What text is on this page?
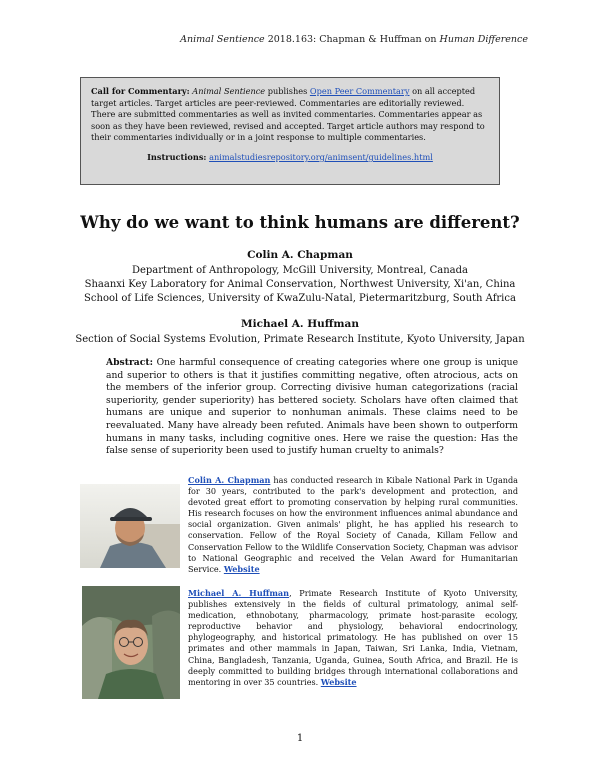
Animal Sentience 2018.163: Chapman & Huffman on Human Difference
Call for Commentary: Animal Sentience publishes Open Peer Commentary on all accepted target articles. Target articles are peer-reviewed. Commentaries are editorially reviewed. There are submitted commentaries as well as invited commentaries. Commentaries appear as soon as they have been reviewed, revised and accepted. Target article authors may respond to their commentaries individually or in a joint response to multiple commentaries.
Instructions: animalstudiesrepository.org/animsent/guidelines.html
Why do we want to think humans are different?
Colin A. Chapman
Department of Anthropology, McGill University, Montreal, Canada
Shaanxi Key Laboratory for Animal Conservation, Northwest University, Xi'an, China
School of Life Sciences, University of KwaZulu-Natal, Pietermaritzburg, South Africa
Michael A. Huffman
Section of Social Systems Evolution, Primate Research Institute, Kyoto University, Japan
Abstract: One harmful consequence of creating categories where one group is unique and superior to others is that it justifies committing negative, often atrocious, acts on the members of the inferior group. Correcting divisive human categorizations (racial superiority, gender superiority) has bettered society. Scholars have often claimed that humans are unique and superior to nonhuman animals. These claims need to be reevaluated. Many have already been refuted. Animals have been shown to outperform humans in many tasks, including cognitive ones. Here we raise the question: Has the false sense of superiority been used to justify human cruelty to animals?
Colin A. Chapman has conducted research in Kibale National Park in Uganda for 30 years, contributed to the park's development and protection, and devoted great effort to promoting conservation by helping rural communities. His research focuses on how the environment influences animal abundance and social organization. Given animals' plight, he has applied his research to conservation. Fellow of the Royal Society of Canada, Killam Fellow and Conservation Fellow to the Wildlife Conservation Society, Chapman was advisor to National Geographic and received the Velan Award for Humanitarian Service. Website
Michael A. Huffman, Primate Research Institute of Kyoto University, publishes extensively in the fields of cultural primatology, animal self-medication, ethnobotany, pharmacology, primate host-parasite ecology, reproductive behavior and physiology, behavioral endocrinology, phylogeography, and historical primatology. He has published on over 15 primates and other mammals in Japan, Taiwan, Sri Lanka, India, Vietnam, China, Bangladesh, Tanzania, Uganda, Guinea, South Africa, and Brazil. He is deeply committed to building bridges through international collaborations and mentoring in over 35 countries. Website
1
